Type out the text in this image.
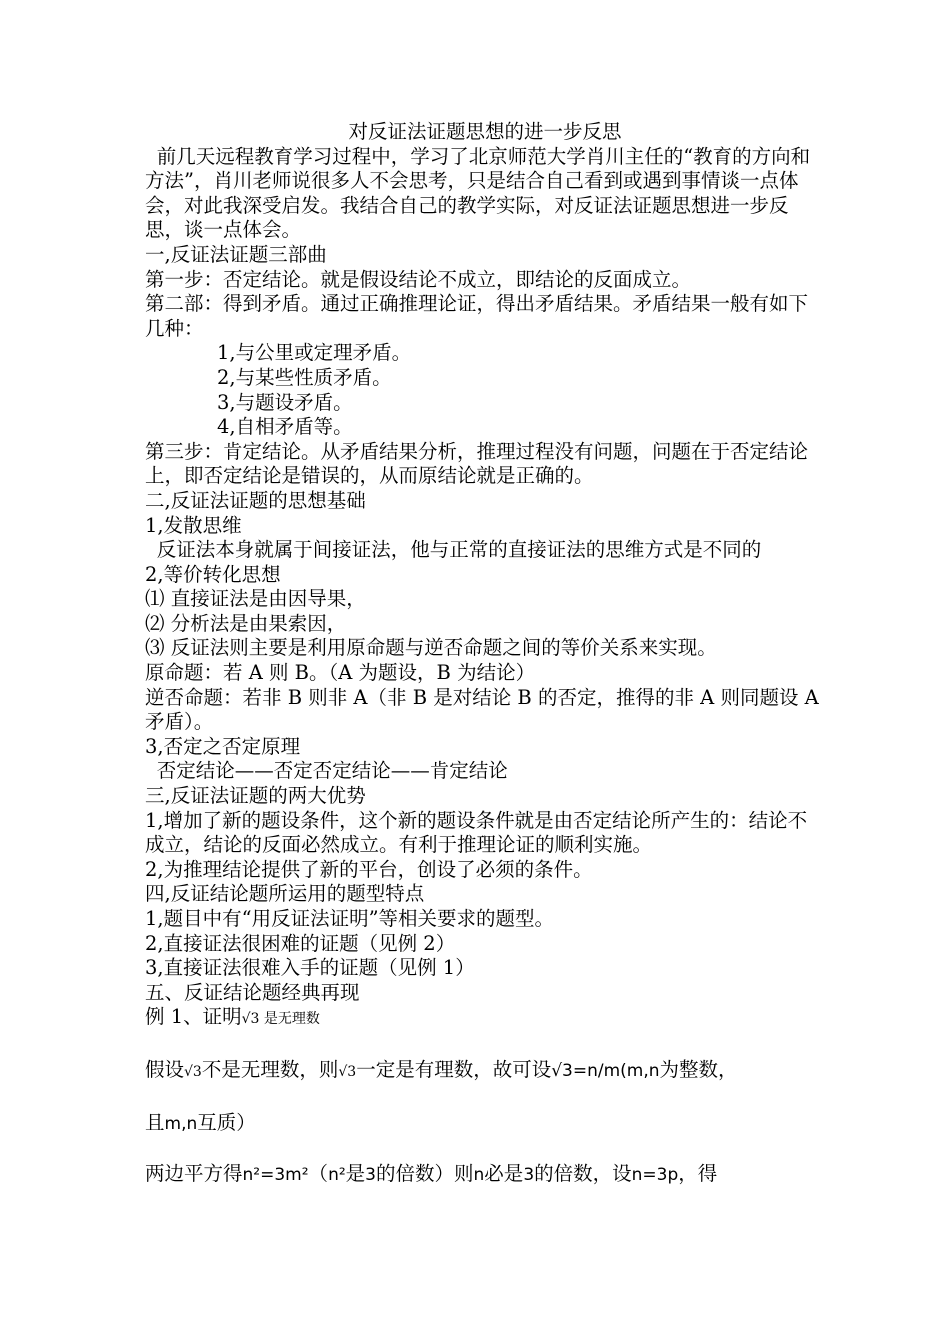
对反证法证题思想的进一步反思

前几天远程教育学习过程中，学习了北京师范大学肖川主任的“教育的方向和方法”，肖川老师说很多人不会思考，只是结合自己看到或遇到事情谈一点体会，对此我深受启发。我结合自己的教学实际，对反证法证题思想进一步反思，谈一点体会。

一,反证法证题三部曲

第一步：否定结论。就是假设结论不成立，即结论的反面成立。

第二部：得到矛盾。通过正确推理论证，得出矛盾结果。矛盾结果一般有如下几种：

1,与公里或定理矛盾。

2,与某些性质矛盾。

3,与题设矛盾。

4,自相矛盾等。

第三步：肯定结论。从矛盾结果分析，推理过程没有问题，问题在于否定结论上，即否定结论是错误的，从而原结论就是正确的。

二,反证法证题的思想基础

1,发散思维

反证法本身就属于间接证法，他与正常的直接证法的思维方式是不同的

2,等价转化思想

⑴ 直接证法是由因导果，

⑵ 分析法是由果索因，

⑶ 反证法则主要是利用原命题与逆否命题之间的等价关系来实现。

原命题：若 A 则 B。（A 为题设，B 为结论）

逆否命题：若非 B 则非 A（非 B 是对结论 B 的否定，推得的非 A 则同题设 A 矛盾）。

3,否定之否定原理

否定结论——否定否定结论——肯定结论

三,反证法证题的两大优势

1,增加了新的题设条件，这个新的题设条件就是由否定结论所产生的：结论不成立，结论的反面必然成立。有利于推理论证的顺利实施。

2,为推理结论提供了新的平台，创设了必须的条件。

四,反证结论题所运用的题型特点

1,题目中有“用反证法证明”等相关要求的题型。

2,直接证法很困难的证题（见例 2）

3,直接证法很难入手的证题（见例 1）

五、反证结论题经典再现

例 1、证明√3 是无理数

假设√3不是无理数，则√3一定是有理数，故可设√3=n/m(m,n为整数，

且m,n互质）

两边平方得n²=3m²（n²是3的倍数）则n必是3的倍数，设n=3p，得
